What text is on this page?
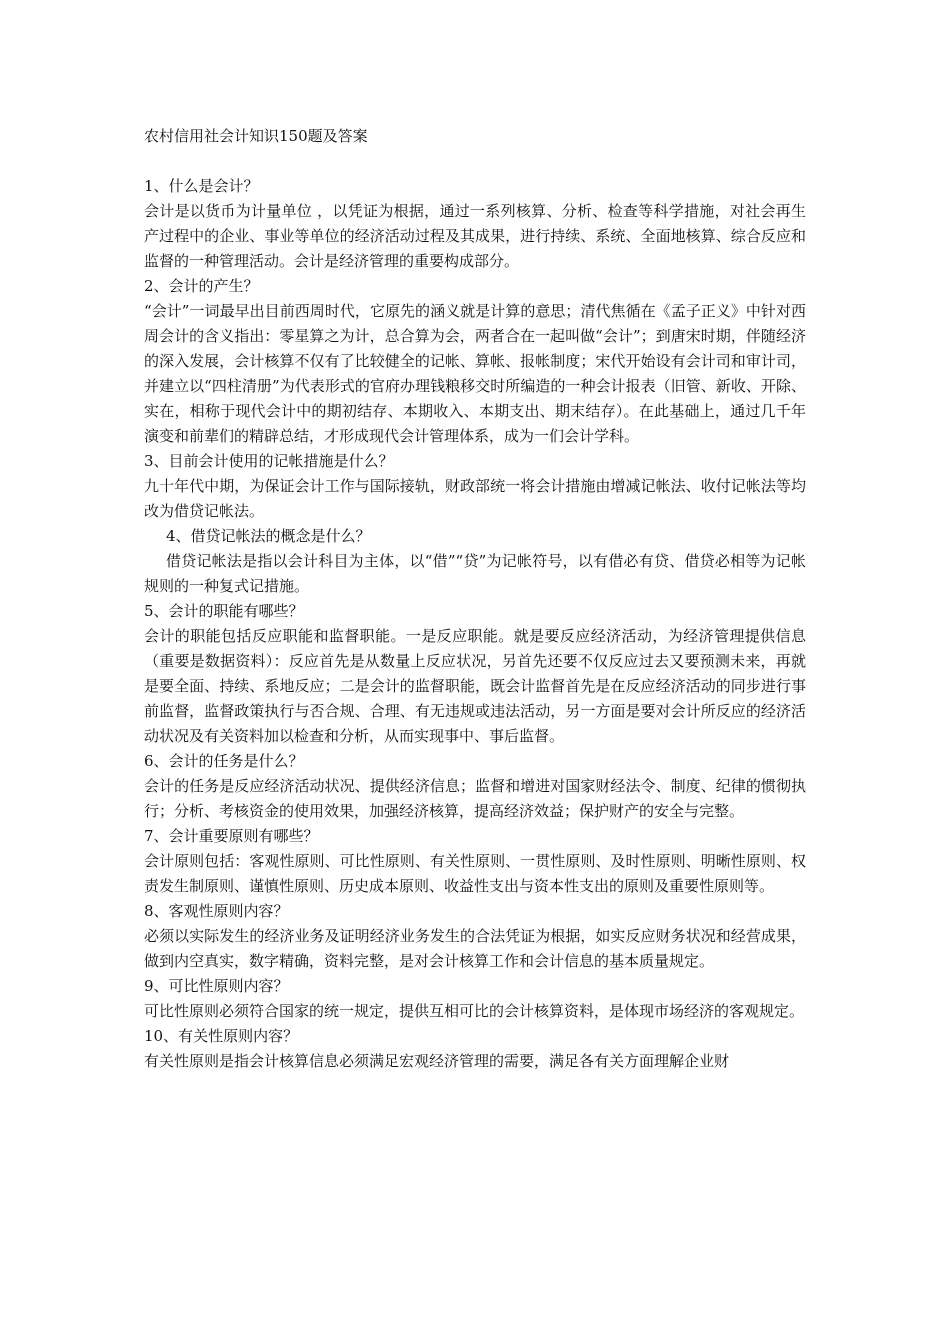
农村信用社会计知识150题及答案

1、什么是会计？

会计是以货币为计量单位 ，以凭证为根据，通过一系列核算、分析、检查等科学措施，对社会再生产过程中的企业、事业等单位的经济活动过程及其成果，进行持续、系统、全面地核算、综合反应和监督的一种管理活动。会计是经济管理的重要构成部分。

2、会计的产生？

“会计”一词最早出目前西周时代，它原先的涵义就是计算的意思；清代焦循在《孟子正义》中针对西周会计的含义指出：零星算之为计，总合算为会，两者合在一起叫做“会计”；到唐宋时期，伴随经济的深入发展，会计核算不仅有了比较健全的记帐、算帐、报帐制度；宋代开始设有会计司和审计司，并建立以“四柱清册”为代表形式的官府办理钱粮移交时所编造的一种会计报表（旧管、新收、开除、实在，相称于现代会计中的期初结存、本期收入、本期支出、期末结存）。在此基础上，通过几千年演变和前辈们的精辟总结，才形成现代会计管理体系，成为一们会计学科。

3、目前会计使用的记帐措施是什么？

九十年代中期，为保证会计工作与国际接轨，财政部统一将会计措施由增减记帐法、收付记帐法等均改为借贷记帐法。

4、借贷记帐法的概念是什么？

借贷记帐法是指以会计科目为主体，以“借”“贷”为记帐符号，以有借必有贷、借贷必相等为记帐规则的一种复式记措施。

5、会计的职能有哪些？

会计的职能包括反应职能和监督职能。一是反应职能。就是要反应经济活动，为经济管理提供信息（重要是数据资料）：反应首先是从数量上反应状况，另首先还要不仅反应过去又要预测未来，再就是要全面、持续、系地反应；二是会计的监督职能，既会计监督首先是在反应经济活动的同步进行事前监督，监督政策执行与否合规、合理、有无违规或违法活动，另一方面是要对会计所反应的经济活动状况及有关资料加以检查和分析，从而实现事中、事后监督。

6、会计的任务是什么？

会计的任务是反应经济活动状况、提供经济信息；监督和增进对国家财经法令、制度、纪律的惯彻执行；分析、考核资金的使用效果，加强经济核算，提高经济效益；保护财产的安全与完整。

7、会计重要原则有哪些？

会计原则包括：客观性原则、可比性原则、有关性原则、一贯性原则、及时性原则、明晰性原则、权责发生制原则、谨慎性原则、历史成本原则、收益性支出与资本性支出的原则及重要性原则等。

8、客观性原则内容？

必须以实际发生的经济业务及证明经济业务发生的合法凭证为根据，如实反应财务状况和经营成果，做到内空真实，数字精确，资料完整，是对会计核算工作和会计信息的基本质量规定。

9、可比性原则内容？

可比性原则必须符合国家的统一规定，提供互相可比的会计核算资料，是体现市场经济的客观规定。

10、有关性原则内容？

有关性原则是指会计核算信息必须满足宏观经济管理的需要，满足各有关方面理解企业财
